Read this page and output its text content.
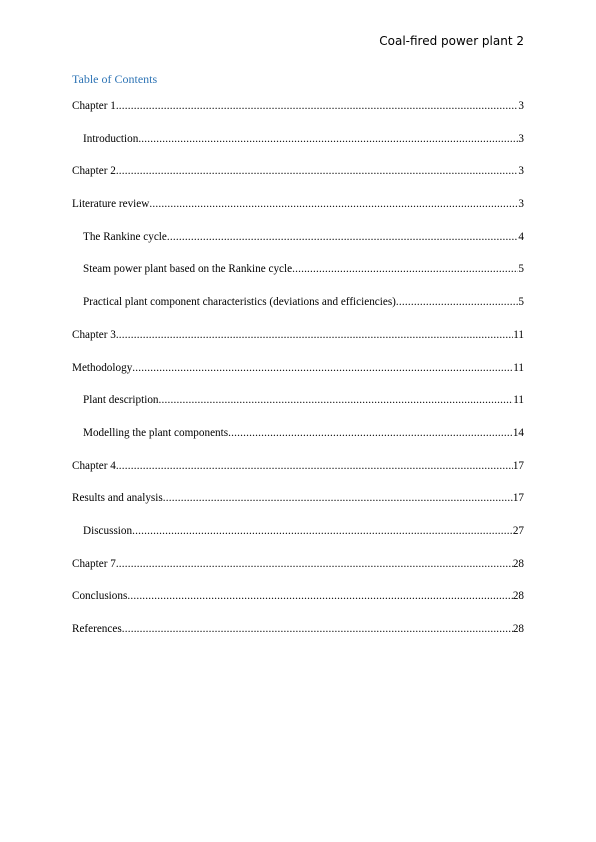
Coal-fired power plant 2
Table of Contents
Chapter 1 .....	3
Introduction .....	3
Chapter 2 .....	3
Literature review .....	3
The Rankine cycle .....	4
Steam power plant based on the Rankine cycle .....	5
Practical plant component characteristics (deviations and efficiencies) .....	5
Chapter 3 .....	11
Methodology .....	11
Plant description .....	11
Modelling the plant components .....	14
Chapter 4 .....	17
Results and analysis .....	17
Discussion .....	27
Chapter 7 .....	28
Conclusions .....	28
References .....	28
